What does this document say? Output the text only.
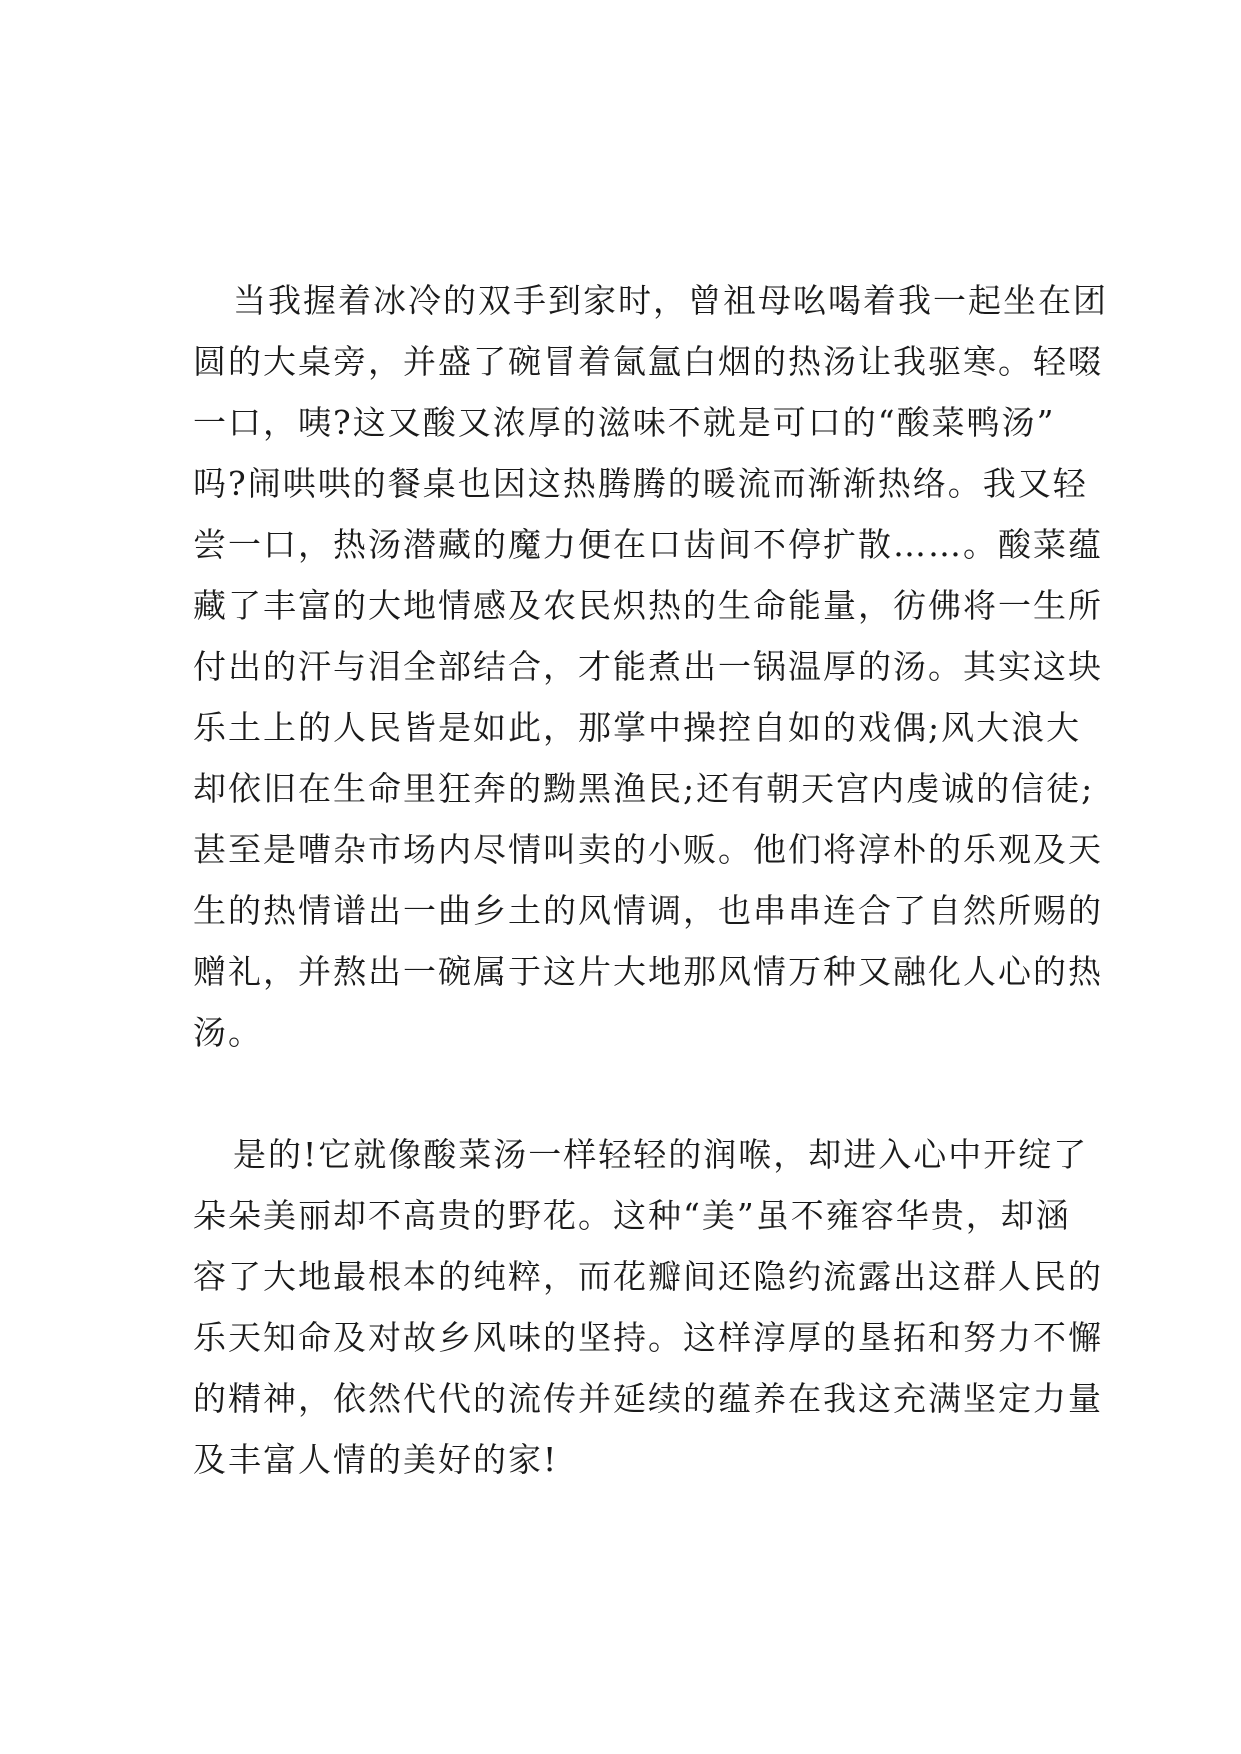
当我握着冰冷的双手到家时，曾祖母吆喝着我一起坐在团
圆的大桌旁，并盛了碗冒着氤氲白烟的热汤让我驱寒。轻啜
一口，咦?这又酸又浓厚的滋味不就是可口的“酸菜鸭汤”
吗?闹哄哄的餐桌也因这热腾腾的暖流而渐渐热络。我又轻
尝一口，热汤潜藏的魔力便在口齿间不停扩散……。酸菜蕴
藏了丰富的大地情感及农民炽热的生命能量，彷佛将一生所
付出的汗与泪全部结合，才能煮出一锅温厚的汤。其实这块
乐土上的人民皆是如此，那掌中操控自如的戏偶;风大浪大
却依旧在生命里狂奔的黝黑渔民;还有朝天宫内虔诚的信徒;
甚至是嘈杂市场内尽情叫卖的小贩。他们将淳朴的乐观及天
生的热情谱出一曲乡土的风情调，也串串连合了自然所赐的
赠礼，并熬出一碗属于这片大地那风情万种又融化人心的热
汤。
是的!它就像酸菜汤一样轻轻的润喉，却进入心中开绽了
朵朵美丽却不高贵的野花。这种“美”虽不雍容华贵，却涵
容了大地最根本的纯粹，而花瓣间还隐约流露出这群人民的
乐天知命及对故乡风味的坚持。这样淳厚的垦拓和努力不懈
的精神，依然代代的流传并延续的蕴养在我这充满坚定力量
及丰富人情的美好的家!
